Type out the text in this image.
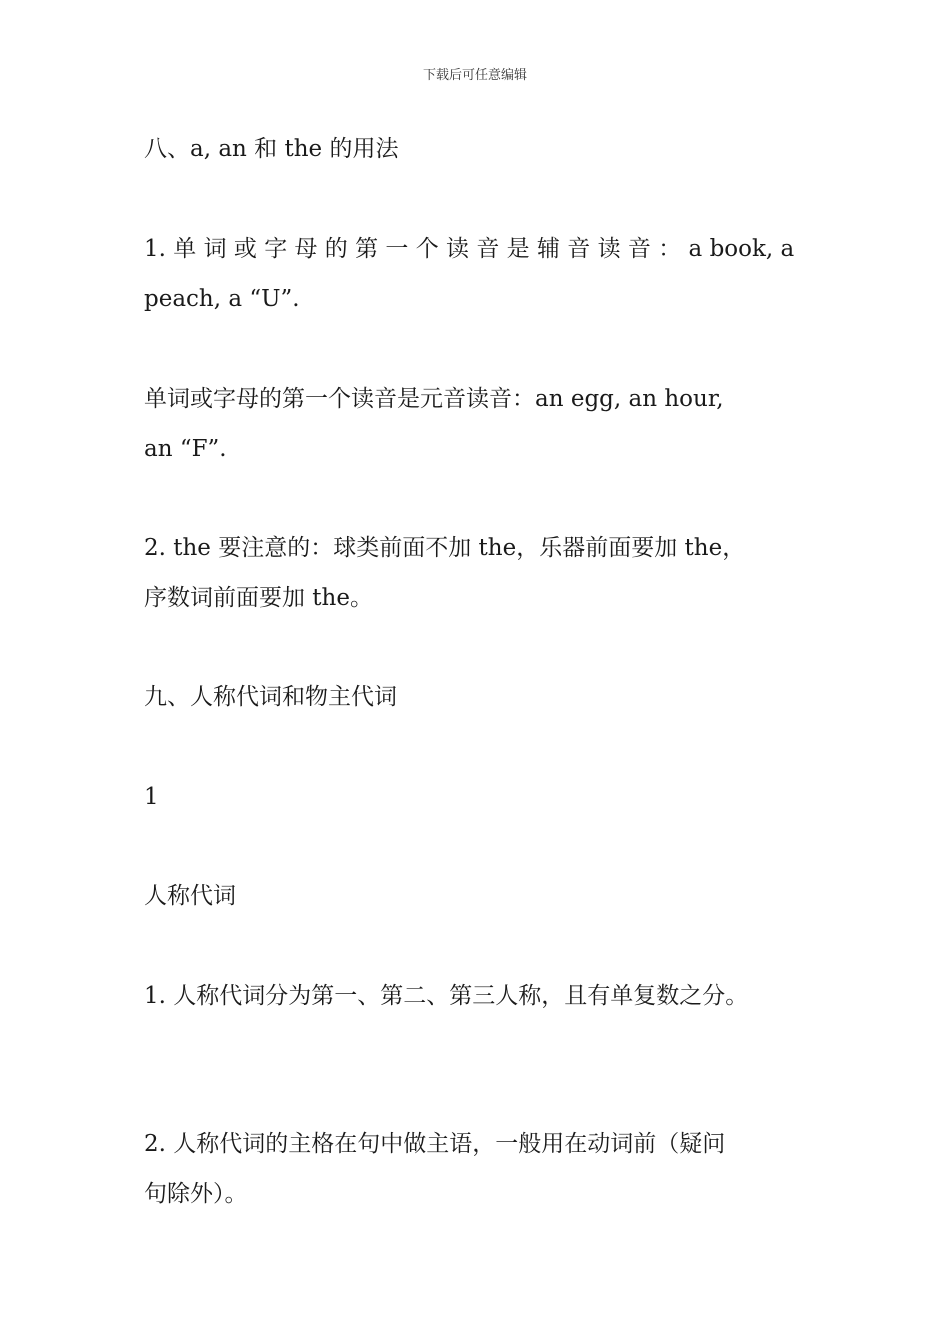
下载后可任意编辑

八、a, an 和 the 的用法

1. 单 词 或 字 母 的 第 一 个 读 音 是 辅 音 读 音 ： a book, a

peach, a “U”.

单词或字母的第一个读音是元音读音：an egg, an hour,

an “F”.

2. the 要注意的：球类前面不加 the，乐器前面要加 the，

序数词前面要加 the。

九、人称代词和物主代词

1

人称代词

1. 人称代词分为第一、第二、第三人称，且有单复数之分。

2. 人称代词的主格在句中做主语，一般用在动词前（疑问

句除外）。
